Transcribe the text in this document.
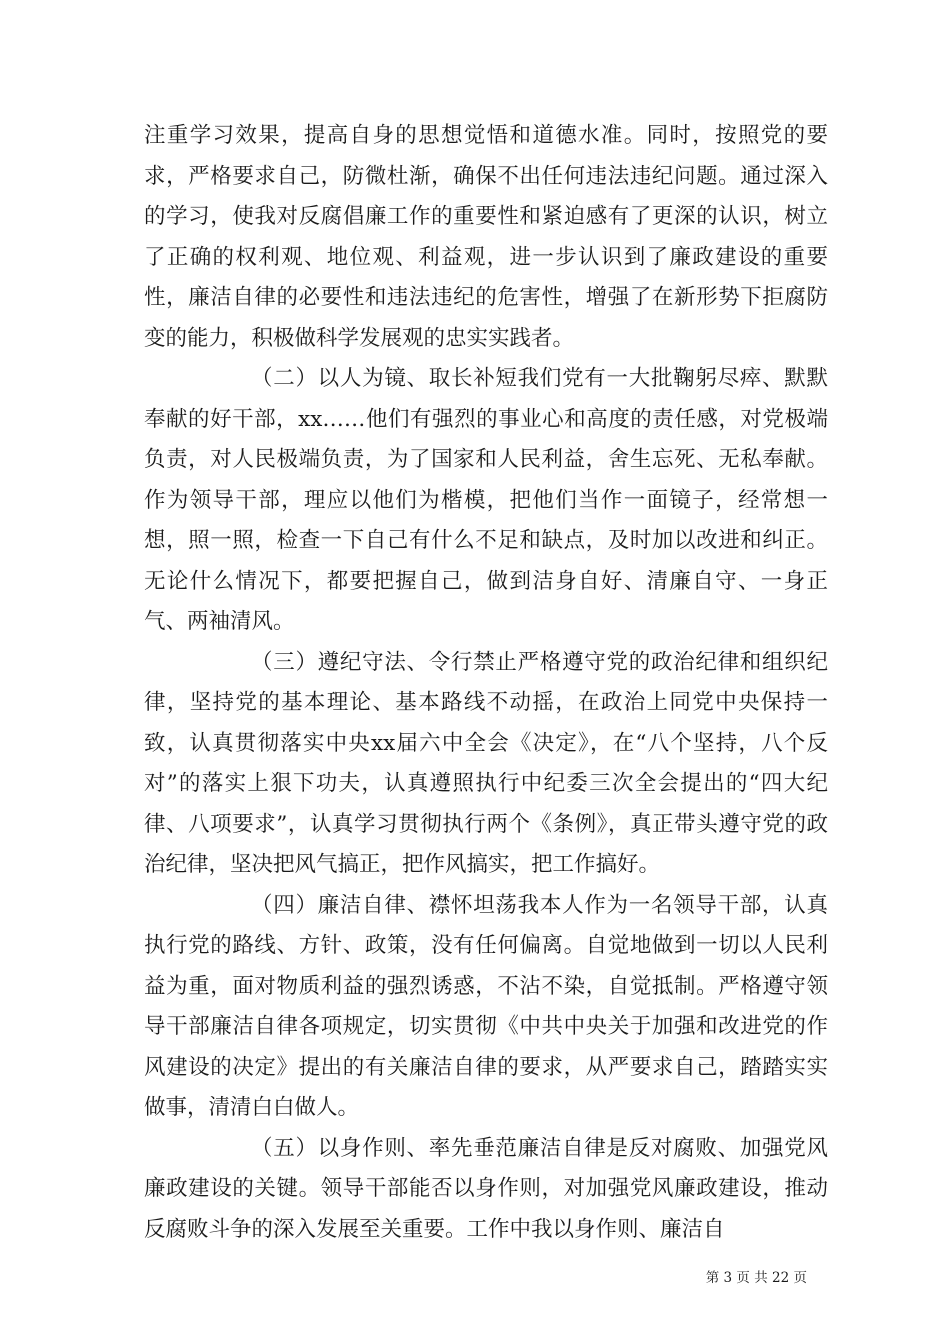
注重学习效果，提高自身的思想觉悟和道德水准。同时，按照党的要求，严格要求自己，防微杜渐，确保不出任何违法违纪问题。通过深入的学习，使我对反腐倡廉工作的重要性和紧迫感有了更深的认识，树立了正确的权利观、地位观、利益观，进一步认识到了廉政建设的重要性，廉洁自律的必要性和违法违纪的危害性，增强了在新形势下拒腐防变的能力，积极做科学发展观的忠实实践者。

（二）以人为镜、取长补短我们党有一大批鞠躬尽瘁、默默奉献的好干部，xx……他们有强烈的事业心和高度的责任感，对党极端负责，对人民极端负责，为了国家和人民利益，舍生忘死、无私奉献。作为领导干部，理应以他们为楷模，把他们当作一面镜子，经常想一想，照一照，检查一下自己有什么不足和缺点，及时加以改进和纠正。无论什么情况下，都要把握自己，做到洁身自好、清廉自守、一身正气、两袖清风。

（三）遵纪守法、令行禁止严格遵守党的政治纪律和组织纪律，坚持党的基本理论、基本路线不动摇，在政治上同党中央保持一致，认真贯彻落实中央xx届六中全会《决定》，在“八个坚持，八个反对”的落实上狠下功夫，认真遵照执行中纪委三次全会提出的“四大纪律、八项要求”，认真学习贯彻执行两个《条例》，真正带头遵守党的政治纪律，坚决把风气搞正，把作风搞实，把工作搞好。

（四）廉洁自律、襟怀坦荡我本人作为一名领导干部，认真执行党的路线、方针、政策，没有任何偏离。自觉地做到一切以人民利益为重，面对物质利益的强烈诱惑，不沾不染，自觉抵制。严格遵守领导干部廉洁自律各项规定，切实贯彻《中共中央关于加强和改进党的作风建设的决定》提出的有关廉洁自律的要求，从严要求自己，踏踏实实做事，清清白白做人。

（五）以身作则、率先垂范廉洁自律是反对腐败、加强党风廉政建设的关键。领导干部能否以身作则，对加强党风廉政建设，推动反腐败斗争的深入发展至关重要。工作中我以身作则、廉洁自

第 3 页 共 22 页
